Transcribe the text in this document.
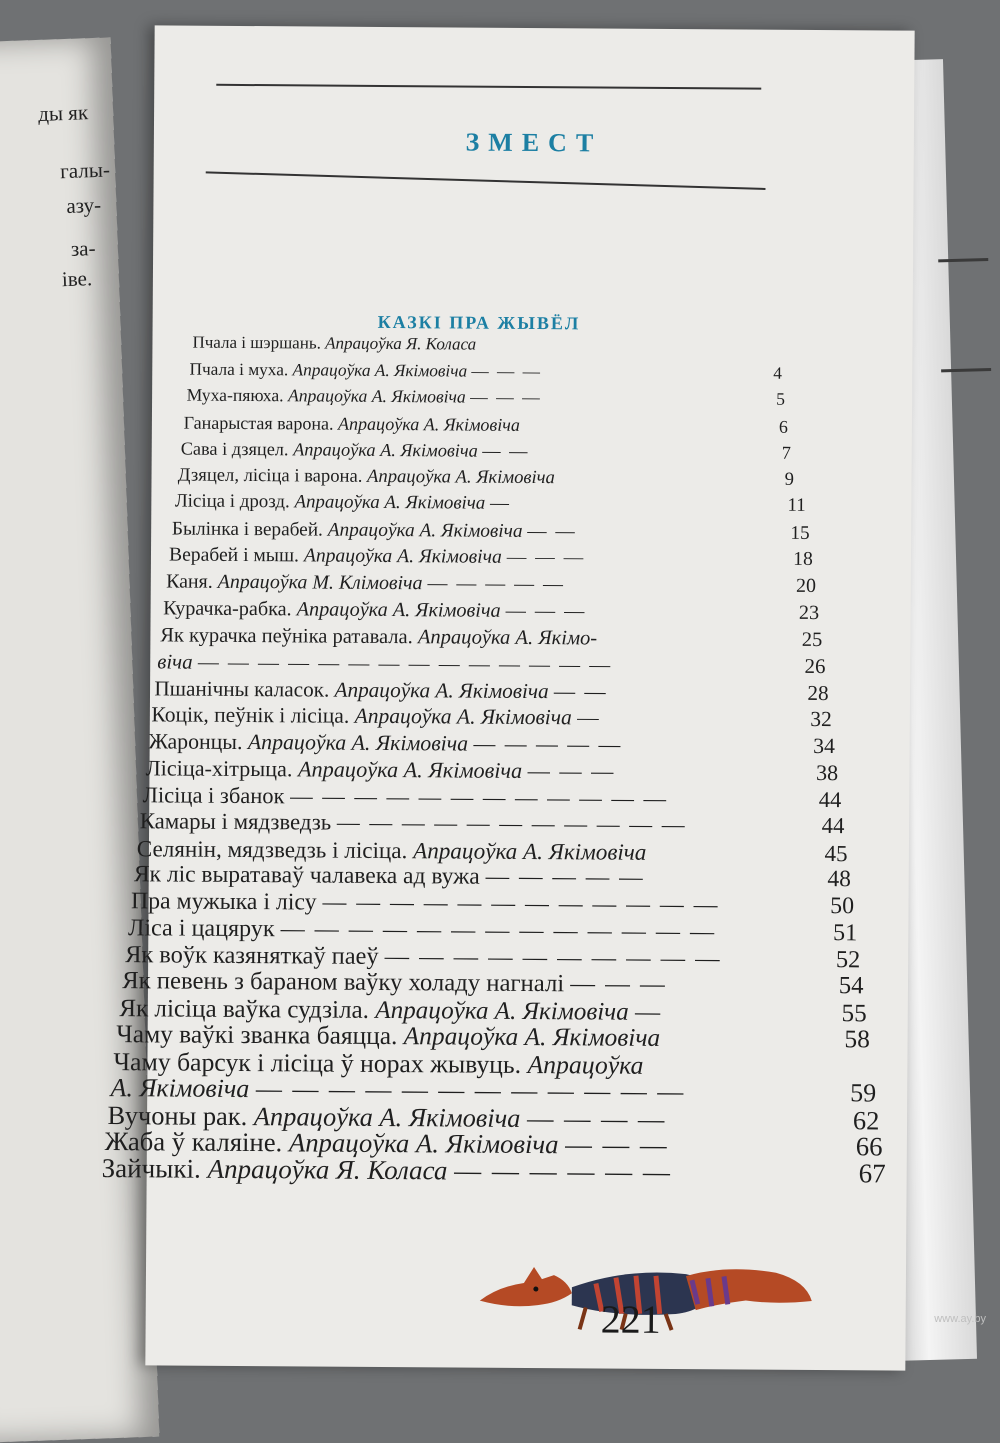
ды як
галы-
азу-
за-
іве.
ЗМЕСТ
КАЗКІ ПРА ЖЫВЁЛ
Пчала і шэршань. Апрацоўка Я. Коласа
Пчала і муха. Апрацоўка А. Якімовіча — — —	4
Муха-пяюха. Апрацоўка А. Якімовіча — — —	5
Ганарыстая варона. Апрацоўка А. Якімовіча	6
Сава і дзяцел. Апрацоўка А. Якімовіча — —	7
Дзяцел, лісіца і варона. Апрацоўка А. Якімовіча	9
Лісіца і дрозд. Апрацоўка А. Якімовіча —	11
Былінка і верабей. Апрацоўка А. Якімовіча — —	15
Верабей і мыш. Апрацоўка А. Якімовіча — — —	18
Каня. Апрацоўка М. Клімовіча — — — — —	20
Курачка-рабка. Апрацоўка А. Якімовіча — — —	23
Як курачка пеўніка ратавала. Апрацоўка А. Якімо-	25
віча — — — — — — — — — — — — — —	26
Пшанічны каласок. Апрацоўка А. Якімовіча — —	28
Коцік, пеўнік і лісіца. Апрацоўка А. Якімовіча —	32
Жаронцы. Апрацоўка А. Якімовіча — — — — —	34
Лісіца-хітрыца. Апрацоўка А. Якімовіча — — —	38
Лісіца і збанок — — — — — — — — — — — —	44
Камары і мядзведзь — — — — — — — — — — —	44
Селянін, мядзведзь і лісіца. Апрацоўка А. Якімовіча	45
Як ліс выратаваў чалавека ад вужа — — — — —	48
Пра мужыка і лісу — — — — — — — — — — — —	50
Ліса і цацярук — — — — — — — — — — — — —	51
Як воўк казяняткаў паеў — — — — — — — — — —	52
Як певень з бараном ваўку холаду нагналі — — —	54
Як лісіца ваўка судзіла. Апрацоўка А. Якімовіча —	55
Чаму ваўкі званка баяцца. Апрацоўка А. Якімовіча	58
Чаму барсук і лісіца ў норах жывуць. Апрацоўка
А. Якімовіча — — — — — — — — — — — —	59
Вучоны рак. Апрацоўка А. Якімовіча — — — —	62
Жаба ў каляіне. Апрацоўка А. Якімовіча — — —	66
Зайчыкі. Апрацоўка Я. Коласа — — — — — —	67
221	www.ay.by
